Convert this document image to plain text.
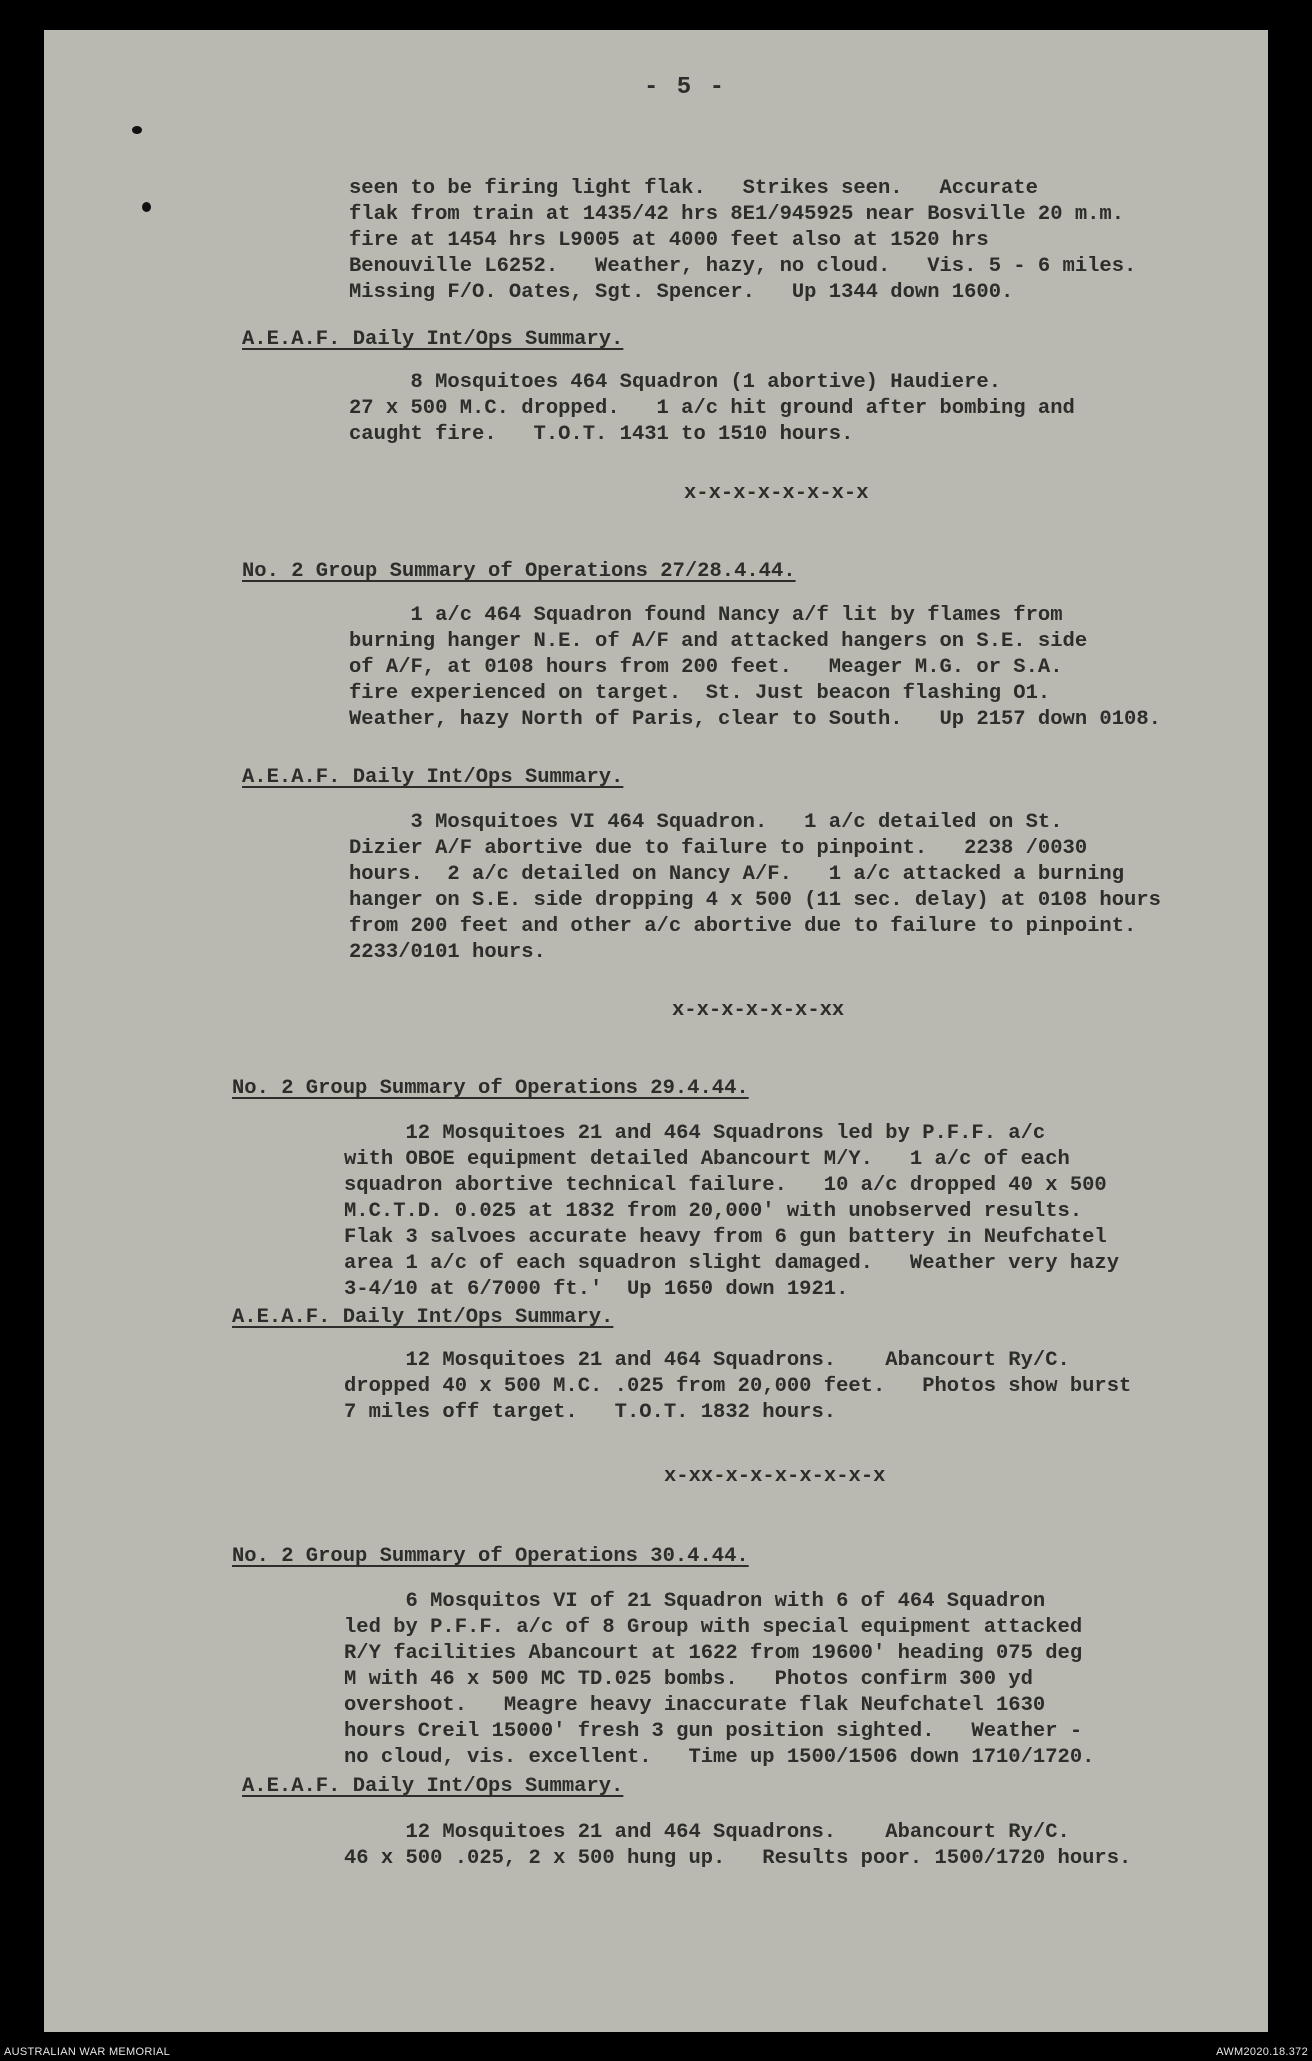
- 5 -
seen to be firing light flak.   Strikes seen.   Accurate
flak from train at 1435/42 hrs 8E1/945925 near Bosville 20 m.m.
fire at 1454 hrs L9005 at 4000 feet also at 1520 hrs
Benouville L6252.   Weather, hazy, no cloud.   Vis. 5 - 6 miles.
Missing F/O. Oates, Sgt. Spencer.   Up 1344 down 1600.
A.E.A.F. Daily Int/Ops Summary.
8 Mosquitoes 464 Squadron (1 abortive) Haudiere.
27 x 500 M.C. dropped.   1 a/c hit ground after bombing and
caught fire.   T.O.T. 1431 to 1510 hours.
x-x-x-x-x-x-x-x
No. 2 Group Summary of Operations 27/28.4.44.
1 a/c 464 Squadron found Nancy a/f lit by flames from
burning hanger N.E. of A/F and attacked hangers on S.E. side
of A/F, at 0108 hours from 200 feet.   Meager M.G. or S.A.
fire experienced on target.  St. Just beacon flashing O1.
Weather, hazy North of Paris, clear to South.   Up 2157 down 0108.
A.E.A.F. Daily Int/Ops Summary.
3 Mosquitoes VI 464 Squadron.   1 a/c detailed on St.
Dizier A/F abortive due to failure to pinpoint.   2238 /0030
hours.  2 a/c detailed on Nancy A/F.   1 a/c attacked a burning
hanger on S.E. side dropping 4 x 500 (11 sec. delay) at 0108 hours
from 200 feet and other a/c abortive due to failure to pinpoint.
2233/0101 hours.
x-x-x-x-x-x-xx
No. 2 Group Summary of Operations 29.4.44.
12 Mosquitoes 21 and 464 Squadrons led by P.F.F. a/c
with OBOE equipment detailed Abancourt M/Y.   1 a/c of each
squadron abortive technical failure.   10 a/c dropped 40 x 500
M.C.T.D. 0.025 at 1832 from 20,000' with unobserved results.
Flak 3 salvoes accurate heavy from 6 gun battery in Neufchatel
area 1 a/c of each squadron slight damaged.   Weather very hazy
3-4/10 at 6/7000 ft.'  Up 1650 down 1921.
A.E.A.F. Daily Int/Ops Summary.
12 Mosquitoes 21 and 464 Squadrons.    Abancourt Ry/C.
dropped 40 x 500 M.C. .025 from 20,000 feet.   Photos show burst
7 miles off target.   T.O.T. 1832 hours.
x-xx-x-x-x-x-x-x-x
No. 2 Group Summary of Operations 30.4.44.
6 Mosquitos VI of 21 Squadron with 6 of 464 Squadron
led by P.F.F. a/c of 8 Group with special equipment attacked
R/Y facilities Abancourt at 1622 from 19600' heading 075 deg
M with 46 x 500 MC TD.025 bombs.   Photos confirm 300 yd
overshoot.   Meagre heavy inaccurate flak Neufchatel 1630
hours Creil 15000' fresh 3 gun position sighted.   Weather -
no cloud, vis. excellent.   Time up 1500/1506 down 1710/1720.
A.E.A.F. Daily Int/Ops Summary.
12 Mosquitoes 21 and 464 Squadrons.    Abancourt Ry/C.
46 x 500 .025, 2 x 500 hung up.   Results poor. 1500/1720 hours.
AUSTRALIAN WAR MEMORIAL	AWM2020.18.372
